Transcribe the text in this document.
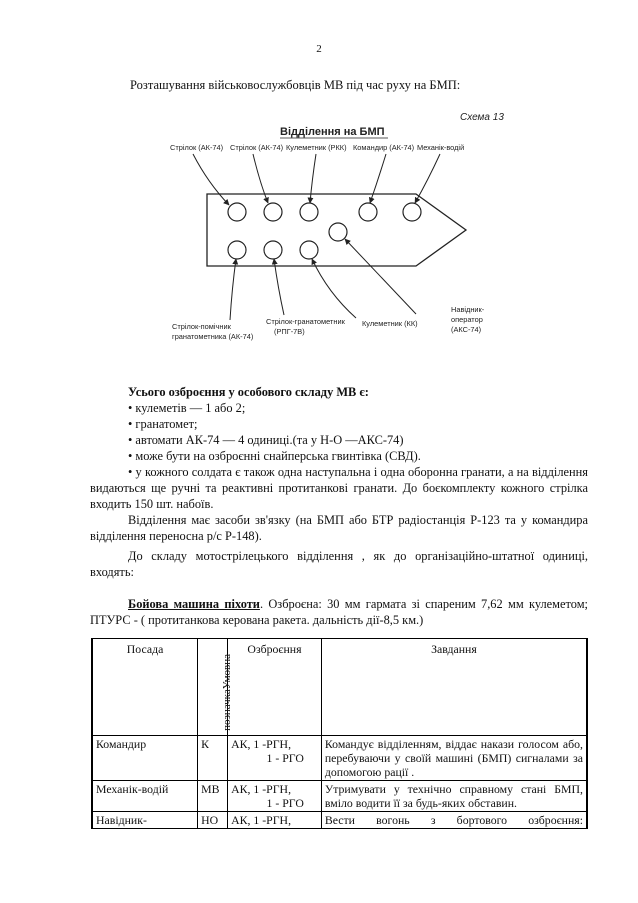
2
Розташування військовослужбовців МВ під час руху на БМП:
Відділення на БМП
Схема 13
Стрілок (АК-74) Стрілок (АК-74) Кулеметник (РКК) Командир (АК-74) Механік-водій
Стрілок-помічник гранатометника (АК-74)
Стрілок-гранатометник (РПГ-7В)
Кулеметник (КК)
Навідник- оператор (АКС-74)
Усього озброєння у особового складу МВ є:
• кулеметів — 1 або 2;
• гранатомет;
• автомати АК-74 — 4 одиниці.(та у Н-О —АКС-74)
• може бути на озброєнні снайперська гвинтівка (СВД).
• у кожного солдата є також одна наступальна і одна оборонна гранати, а на відділення видаються ще ручні та реактивні протитанкові гранати. До боєкомплекту кожного стрілка входить 150 шт. набоїв.
Відділення має засоби зв'язку (на БМП або БТР радіостанція Р-123 та у командира відділення переносна р/с Р-148).
До складу мотострілецького відділення , як до організаційно-штатної одиниці, входять:
Бойова машина піхоти. Озброєна: 30 мм гармата зі спареним 7,62 мм кулеметом; ПТУРС - ( протитанкова керована ракета. дальність дії-8,5 км.)
Посада	позначкаУмовна	Озброєння	Завдання
Командир	К	АК, 1 -РГН,
1 - РГО	Командує відділенням, віддає накази голосом або, перебуваючи у своїй машині (БМП) сигналами за допомогою рації .
Механік-водій	МВ	АК, 1 -РГН,
1 - РГО	Утримувати у технічно справному стані БМП, вміло водити її за будь-яких обставин.
Навідник-	НО	АК, 1 -РГН,	Вести вогонь з бортового озброєння:
